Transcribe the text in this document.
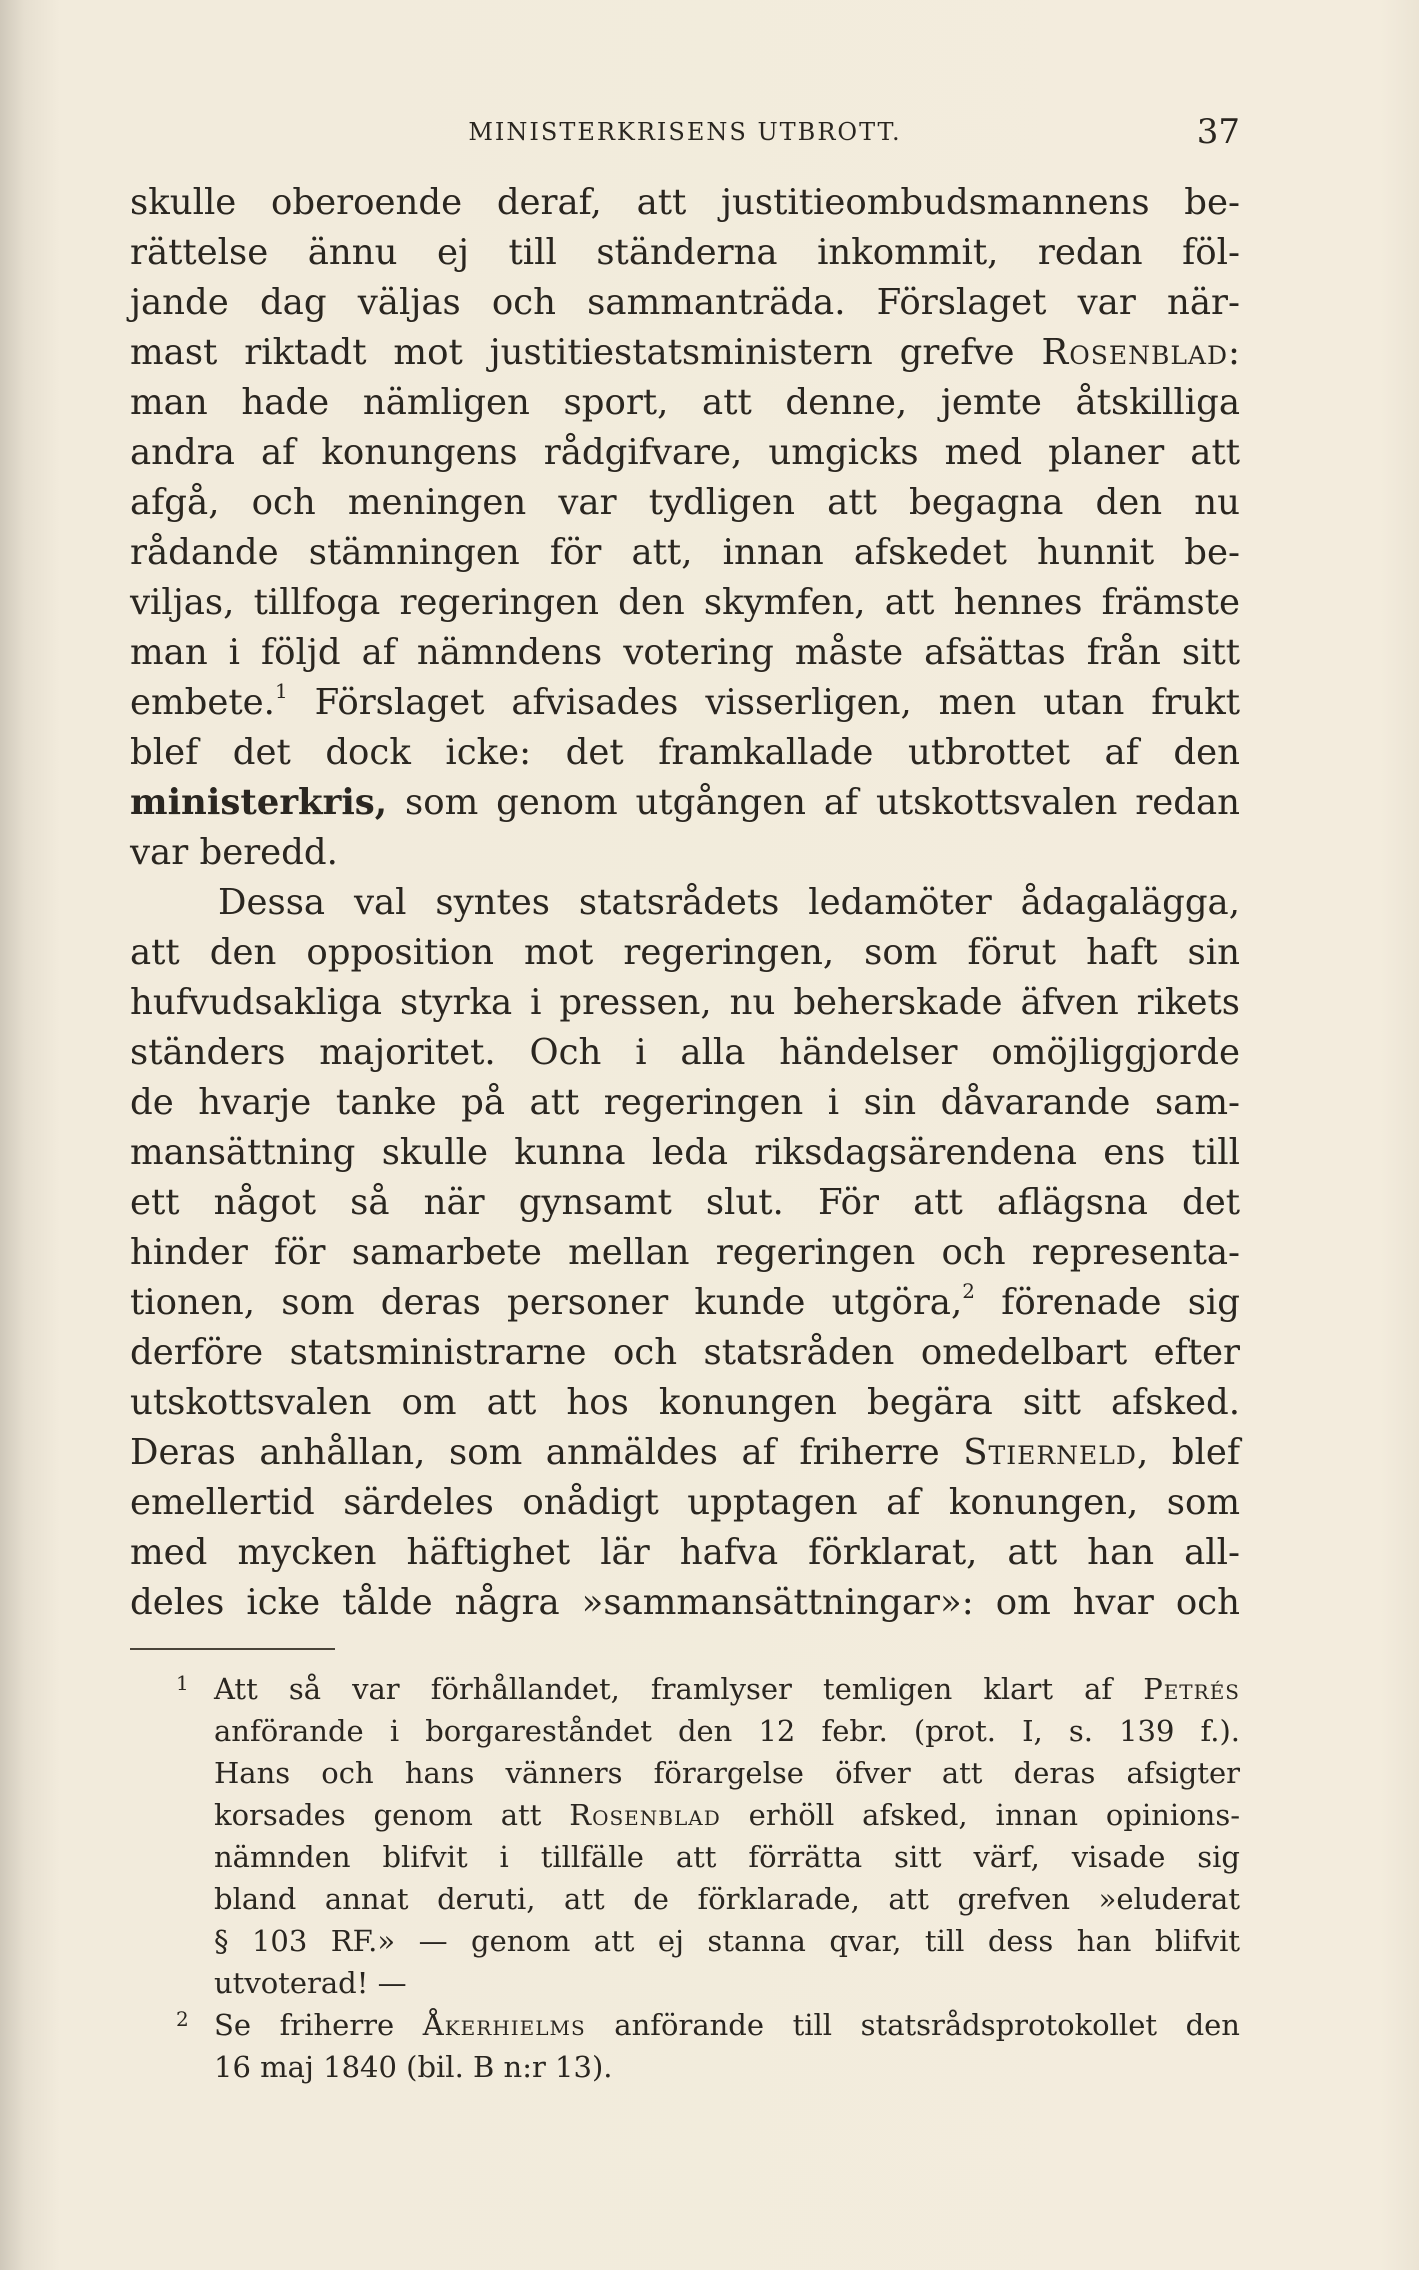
MINISTERKRISENS UTBROTT.	37
skulle oberoende deraf, att justitieombudsmannens be-
rättelse ännu ej till ständerna inkommit, redan föl-
jande dag väljas och sammanträda. Förslaget var när-
mast riktadt mot justitiestatsministern grefve Rosenblad:
man hade nämligen sport, att denne, jemte åtskilliga
andra af konungens rådgifvare, umgicks med planer att
afgå, och meningen var tydligen att begagna den nu
rådande stämningen för att, innan afskedet hunnit be-
viljas, tillfoga regeringen den skymfen, att hennes främste
man i följd af nämndens votering måste afsättas från sitt
embete.$^1$ Förslaget afvisades visserligen, men utan frukt
blef det dock icke: det framkallade utbrottet af den
ministerkris, som genom utgången af utskottsvalen redan
var beredd.
Dessa val syntes statsrådets ledamöter ådagalägga,
att den opposition mot regeringen, som förut haft sin
hufvudsakliga styrka i pressen, nu beherskade äfven rikets
ständers majoritet. Och i alla händelser omöjliggjorde
de hvarje tanke på att regeringen i sin dåvarande sam-
mansättning skulle kunna leda riksdagsärendena ens till
ett något så när gynsamt slut. För att aflägsna det
hinder för samarbete mellan regeringen och representa-
tionen, som deras personer kunde utgöra,$^2$ förenade sig
derföre statsministrarne och statsråden omedelbart efter
utskottsvalen om att hos konungen begära sitt afsked.
Deras anhållan, som anmäldes af friherre Stierneld, blef
emellertid särdeles onådigt upptagen af konungen, som
med mycken häftighet lär hafva förklarat, att han all-
deles icke tålde några »sammansättningar»: om hvar och
1 Att så var förhållandet, framlyser temligen klart af Petrés
anförande i borgareståndet den 12 febr. (prot. I, s. 139 f.).
Hans och hans vänners förargelse öfver att deras afsigter
korsades genom att Rosenblad erhöll afsked, innan opinions-
nämnden blifvit i tillfälle att förrätta sitt värf, visade sig
bland annat deruti, att de förklarade, att grefven »eluderat
§ 103 RF.» — genom att ej stanna qvar, till dess han blifvit
utvoterad! —
2 Se friherre Åkerhielms anförande till statsrådsprotokollet den
16 maj 1840 (bil. B n:r 13).
